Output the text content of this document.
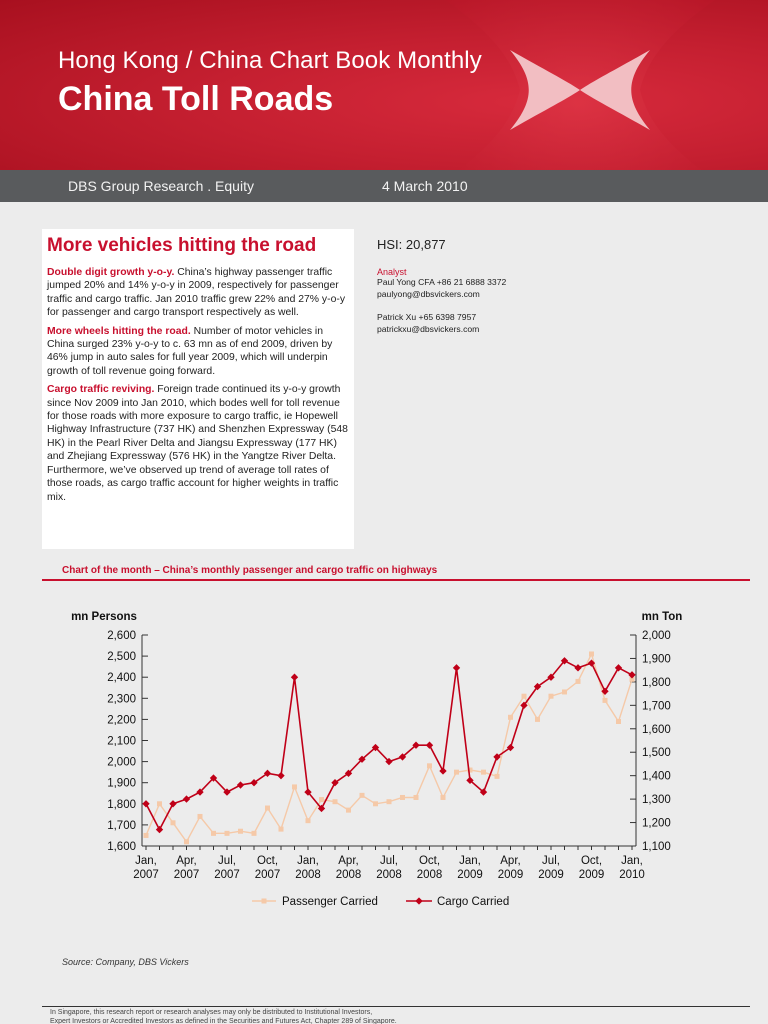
Hong Kong / China Chart Book Monthly
China Toll Roads
DBS Group Research . Equity	4 March 2010
More vehicles hitting the road

Double digit growth y-o-y. China’s highway passenger traffic jumped 20% and 14% y-o-y in 2009, respectively for passenger traffic and cargo traffic. Jan 2010 traffic grew 22% and 27% y-o-y for passenger and cargo transport respectively as well.

More wheels hitting the road. Number of motor vehicles in China surged 23% y-o-y to c. 63 mn as of end 2009, driven by 46% jump in auto sales for full year 2009, which will underpin growth of toll revenue going forward.

Cargo traffic reviving. Foreign trade continued its y-o-y growth since Nov 2009 into Jan 2010, which bodes well for toll revenue for those roads with more exposure to cargo traffic, ie Hopewell Highway Infrastructure (737 HK) and Shenzhen Expressway (548 HK) in the Pearl River Delta and Jiangsu Expressway (177 HK) and Zhejiang Expressway (576 HK) in the Yangtze River Delta. Furthermore, we’ve observed up trend of average toll rates of those roads, as cargo traffic account for higher weights in traffic mix.

HSI: 20,877
Analyst
Paul Yong CFA +86 21 6888 3372
paulyong@dbsvickers.com
Patrick Xu +65 6398 7957
patrickxu@dbsvickers.com
Chart of the month – China’s monthly passenger and cargo traffic on highways
mn Persons	mn Ton
1,600
1,700
1,800
1,900
2,000
2,100
2,200
2,300
2,400
2,500
2,600
1,100
1,200
1,300
1,400
1,500
1,600
1,700
1,800
1,900
2,000
Jan,
2007
Apr,
2007
Jul,
2007
Oct,
2007
Jan,
2008
Apr,
2008
Jul,
2008
Oct,
2008
Jan,
2009
Apr,
2009
Jul,
2009
Oct,
2009
Jan,
2010
Passenger Carried	Cargo Carried
Source: Company, DBS Vickers
In Singapore, this research report or research analyses may only be distributed to Institutional Investors,
Expert Investors or Accredited Investors as defined in the Securities and Futures Act, Chapter 289 of Singapore.
